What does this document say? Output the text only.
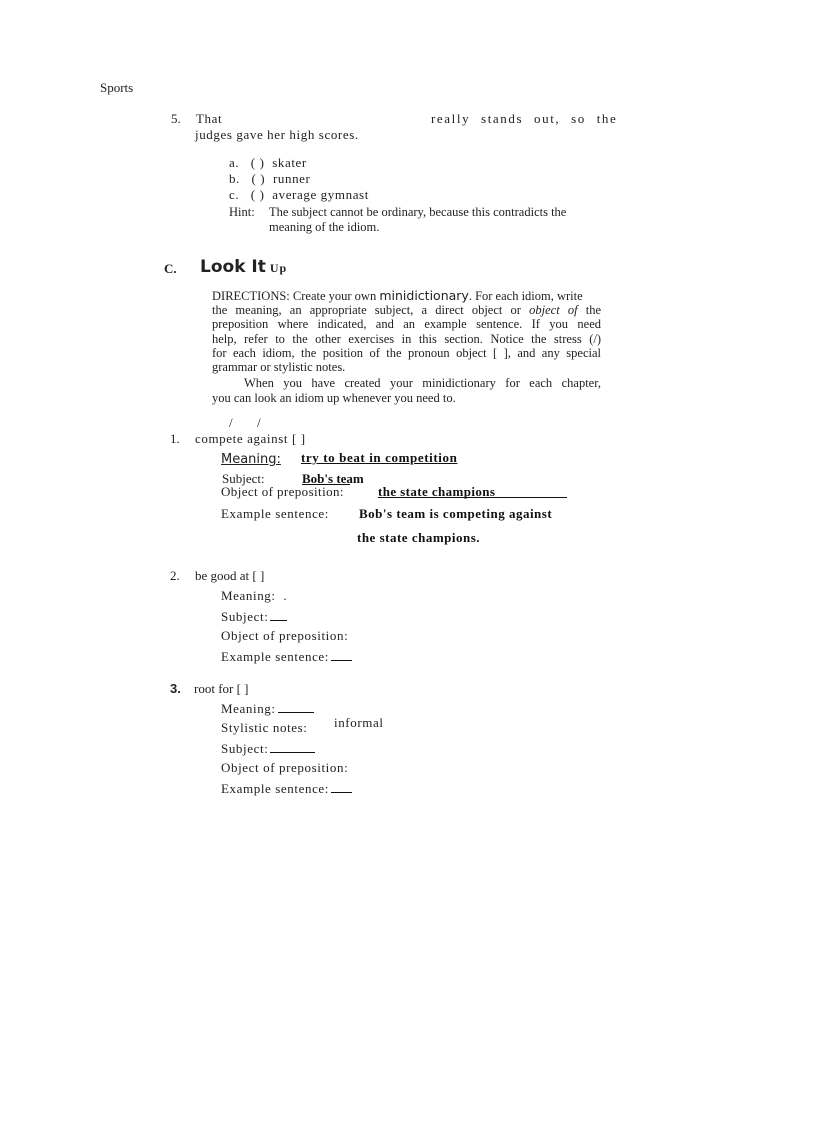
Sports
5. That	really stands out, so the
judges gave her high scores.
a. ( ) skater
b. ( ) runner
c. ( ) average gymnast
Hint: The subject cannot be ordinary, because this contradicts the
meaning of the idiom.
C. Look It Up
DIRECTIONS: Create your own minidictionary. For each idiom, write
the meaning, an appropriate subject, a direct object or object of the
preposition where indicated, and an example sentence. If you need
help, refer to the other exercises in this section. Notice the stress (/)
for each idiom, the position of the pronoun object [ ], and any special
grammar or stylistic notes.
When you have created your minidictionary for each chapter,
you can look an idiom up whenever you need to.
/ /
1. compete against [ ]
Meaning: try to beat in competition
Subject:	Bob's team
Object of preposition:	the state champions
Example sentence: Bob's team is competing against
the state champions.
2. be good at [ ]
Meaning: .
Subject:
Object of preposition:
Example sentence:
3. root for [ ]
Meaning:
Stylistic notes: informal
Subject:
Object of preposition:
Example sentence:
